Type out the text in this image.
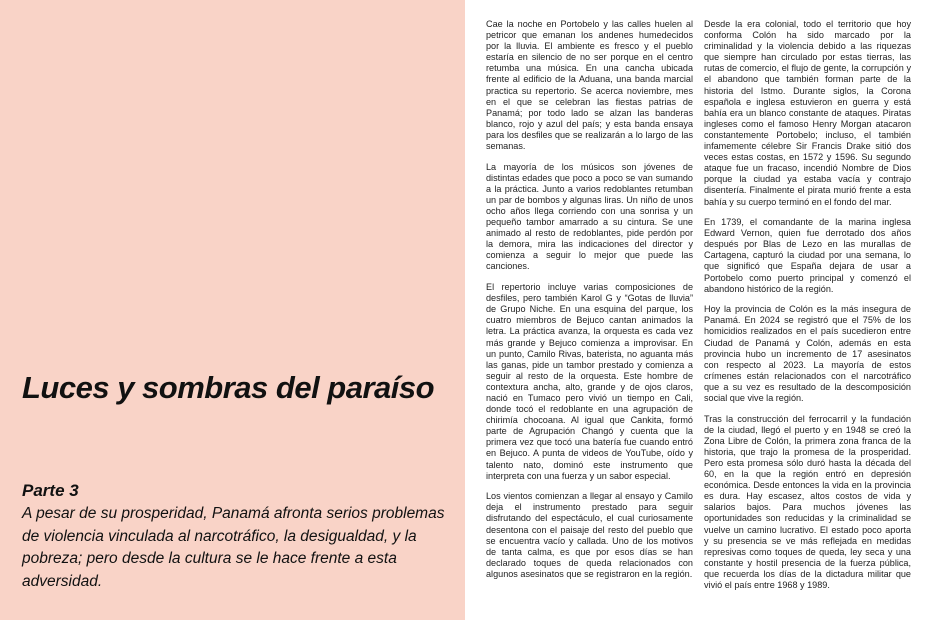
Luces y sombras del paraíso
Parte 3

A pesar de su prosperidad, Panamá afronta serios problemas de violencia vinculada al narcotráfico, la desigualdad, y la pobreza; pero desde la cultura se le hace frente a esta adversidad.

Cae la noche en Portobelo y las calles huelen al petricor que emanan los andenes humedecidos por la lluvia. El ambiente es fresco y el pueblo estaría en silencio de no ser porque en el centro retumba una música. En una cancha ubicada frente al edificio de la Aduana, una banda marcial practica su repertorio. Se acerca noviembre, mes en el que se celebran las fiestas patrias de Panamá; por todo lado se alzan las banderas blanco, rojo y azul del país; y esta banda ensaya para los desfiles que se realizarán a lo largo de las semanas.

La mayoría de los músicos son jóvenes de distintas edades que poco a poco se van sumando a la práctica. Junto a varios redoblantes retumban un par de bombos y algunas liras. Un niño de unos ocho años llega corriendo con una sonrisa y un pequeño tambor amarrado a su cintura. Se une animado al resto de redoblantes, pide perdón por la demora, mira las indicaciones del director y comienza a seguir lo mejor que puede las canciones.

El repertorio incluye varias composiciones de desfiles, pero también Karol G y “Gotas de lluvia” de Grupo Niche. En una esquina del parque, los cuatro miembros de Bejuco cantan animados la letra. La práctica avanza, la orquesta es cada vez más grande y Bejuco comienza a improvisar. En un punto, Camilo Rivas, baterista, no aguanta más las ganas, pide un tambor prestado y comienza a seguir al resto de la orquesta. Este hombre de contextura ancha, alto, grande y de ojos claros, nació en Tumaco pero vivió un tiempo en Cali, donde tocó el redoblante en una agrupación de chirimía chocoana. Al igual que Cankita, formó parte de Agrupación Changó y cuenta que la primera vez que tocó una batería fue cuando entró en Bejuco. A punta de videos de YouTube, oído y talento nato, dominó este instrumento que interpreta con una fuerza y un sabor especial.

Los vientos comienzan a llegar al ensayo y Camilo deja el instrumento prestado para seguir disfrutando del espectáculo, el cual curiosamente desentona con el paisaje del resto del pueblo que se encuentra vacío y callada. Uno de los motivos de tanta calma, es que por esos días se han declarado toques de queda relacionados con algunos asesinatos que se registraron en la región.

Desde la era colonial, todo el territorio que hoy conforma Colón ha sido marcado por la criminalidad y la violencia debido a las riquezas que siempre han circulado por estas tierras, las rutas de comercio, el flujo de gente, la corrupción y el abandono que también forman parte de la historia del Istmo. Durante siglos, la Corona española e inglesa estuvieron en guerra y está bahía era un blanco constante de ataques. Piratas ingleses como el famoso Henry Morgan atacaron constantemente Portobelo; incluso, el también infamemente célebre Sir Francis Drake sitió dos veces estas costas, en 1572 y 1596. Su segundo ataque fue un fracaso, incendió Nombre de Dios porque la ciudad ya estaba vacía y contrajo disentería. Finalmente el pirata murió frente a esta bahía y su cuerpo terminó en el fondo del mar.

En 1739, el comandante de la marina inglesa Edward Vernon, quien fue derrotado dos años después por Blas de Lezo en las murallas de Cartagena, capturó la ciudad por una semana, lo que significó que España dejara de usar a Portobelo como puerto principal y comenzó el abandono histórico de la región.

Hoy la provincia de Colón es la más insegura de Panamá. En 2024 se registró que el 75% de los homicidios realizados en el país sucedieron entre Ciudad de Panamá y Colón, además en esta provincia hubo un incremento de 17 asesinatos con respecto al 2023. La mayoría de estos crímenes están relacionados con el narcotráfico que a su vez es resultado de la descomposición social que vive la región.

Tras la construcción del ferrocarril y la fundación de la ciudad, llegó el puerto y en 1948 se creó la Zona Libre de Colón, la primera zona franca de la historia, que trajo la promesa de la prosperidad. Pero esta promesa sólo duró hasta la década del 60, en la que la región entró en depresión económica. Desde entonces la vida en la provincia es dura. Hay escasez, altos costos de vida y salarios bajos. Para muchos jóvenes las oportunidades son reducidas y la criminalidad se vuelve un camino lucrativo. El estado poco aporta y su presencia se ve más reflejada en medidas represivas como toques de queda, ley seca y una constante y hostil presencia de la fuerza pública, que recuerda los días de la dictadura militar que vivió el país entre 1968 y 1989.
